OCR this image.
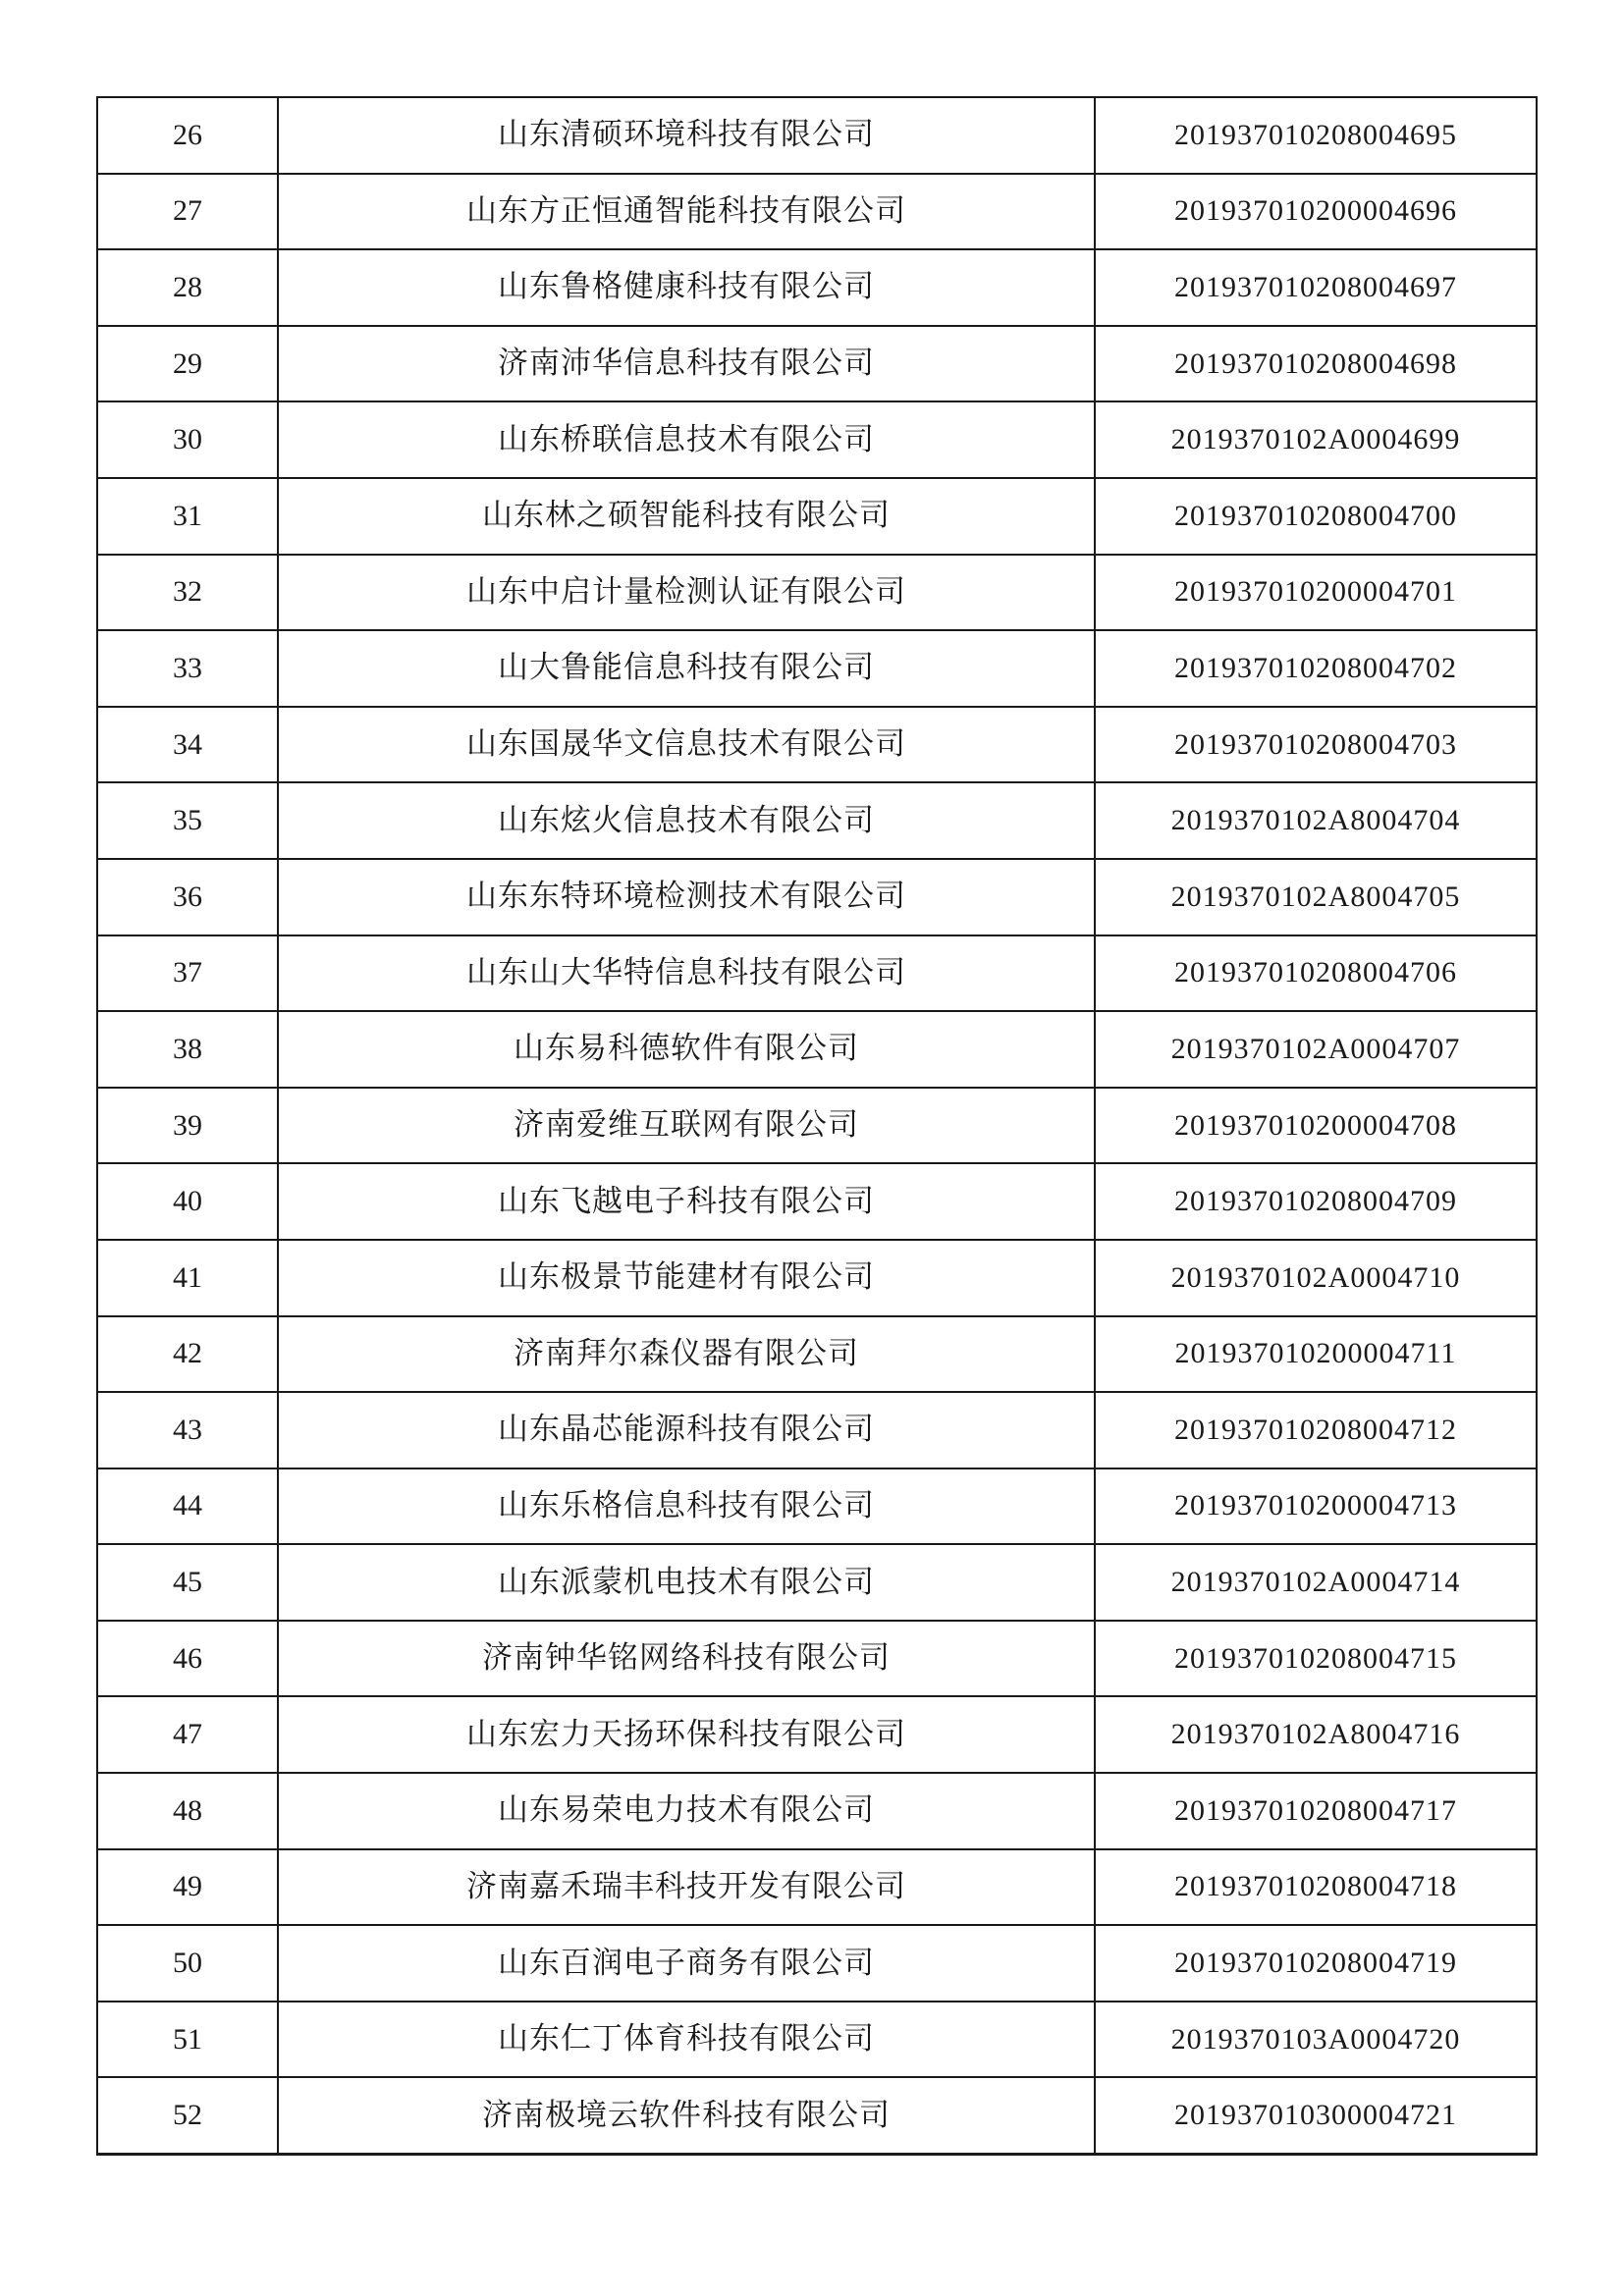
26	山东清硕环境科技有限公司	201937010208004695
27	山东方正恒通智能科技有限公司	201937010200004696
28	山东鲁格健康科技有限公司	201937010208004697
29	济南沛华信息科技有限公司	201937010208004698
30	山东桥联信息技术有限公司	2019370102A0004699
31	山东林之硕智能科技有限公司	201937010208004700
32	山东中启计量检测认证有限公司	201937010200004701
33	山大鲁能信息科技有限公司	201937010208004702
34	山东国晟华文信息技术有限公司	201937010208004703
35	山东炫火信息技术有限公司	2019370102A8004704
36	山东东特环境检测技术有限公司	2019370102A8004705
37	山东山大华特信息科技有限公司	201937010208004706
38	山东易科德软件有限公司	2019370102A0004707
39	济南爱维互联网有限公司	201937010200004708
40	山东飞越电子科技有限公司	201937010208004709
41	山东极景节能建材有限公司	2019370102A0004710
42	济南拜尔森仪器有限公司	201937010200004711
43	山东晶芯能源科技有限公司	201937010208004712
44	山东乐格信息科技有限公司	201937010200004713
45	山东派蒙机电技术有限公司	2019370102A0004714
46	济南钟华铭网络科技有限公司	201937010208004715
47	山东宏力天扬环保科技有限公司	2019370102A8004716
48	山东易荣电力技术有限公司	201937010208004717
49	济南嘉禾瑞丰科技开发有限公司	201937010208004718
50	山东百润电子商务有限公司	201937010208004719
51	山东仁丁体育科技有限公司	2019370103A0004720
52	济南极境云软件科技有限公司	201937010300004721
